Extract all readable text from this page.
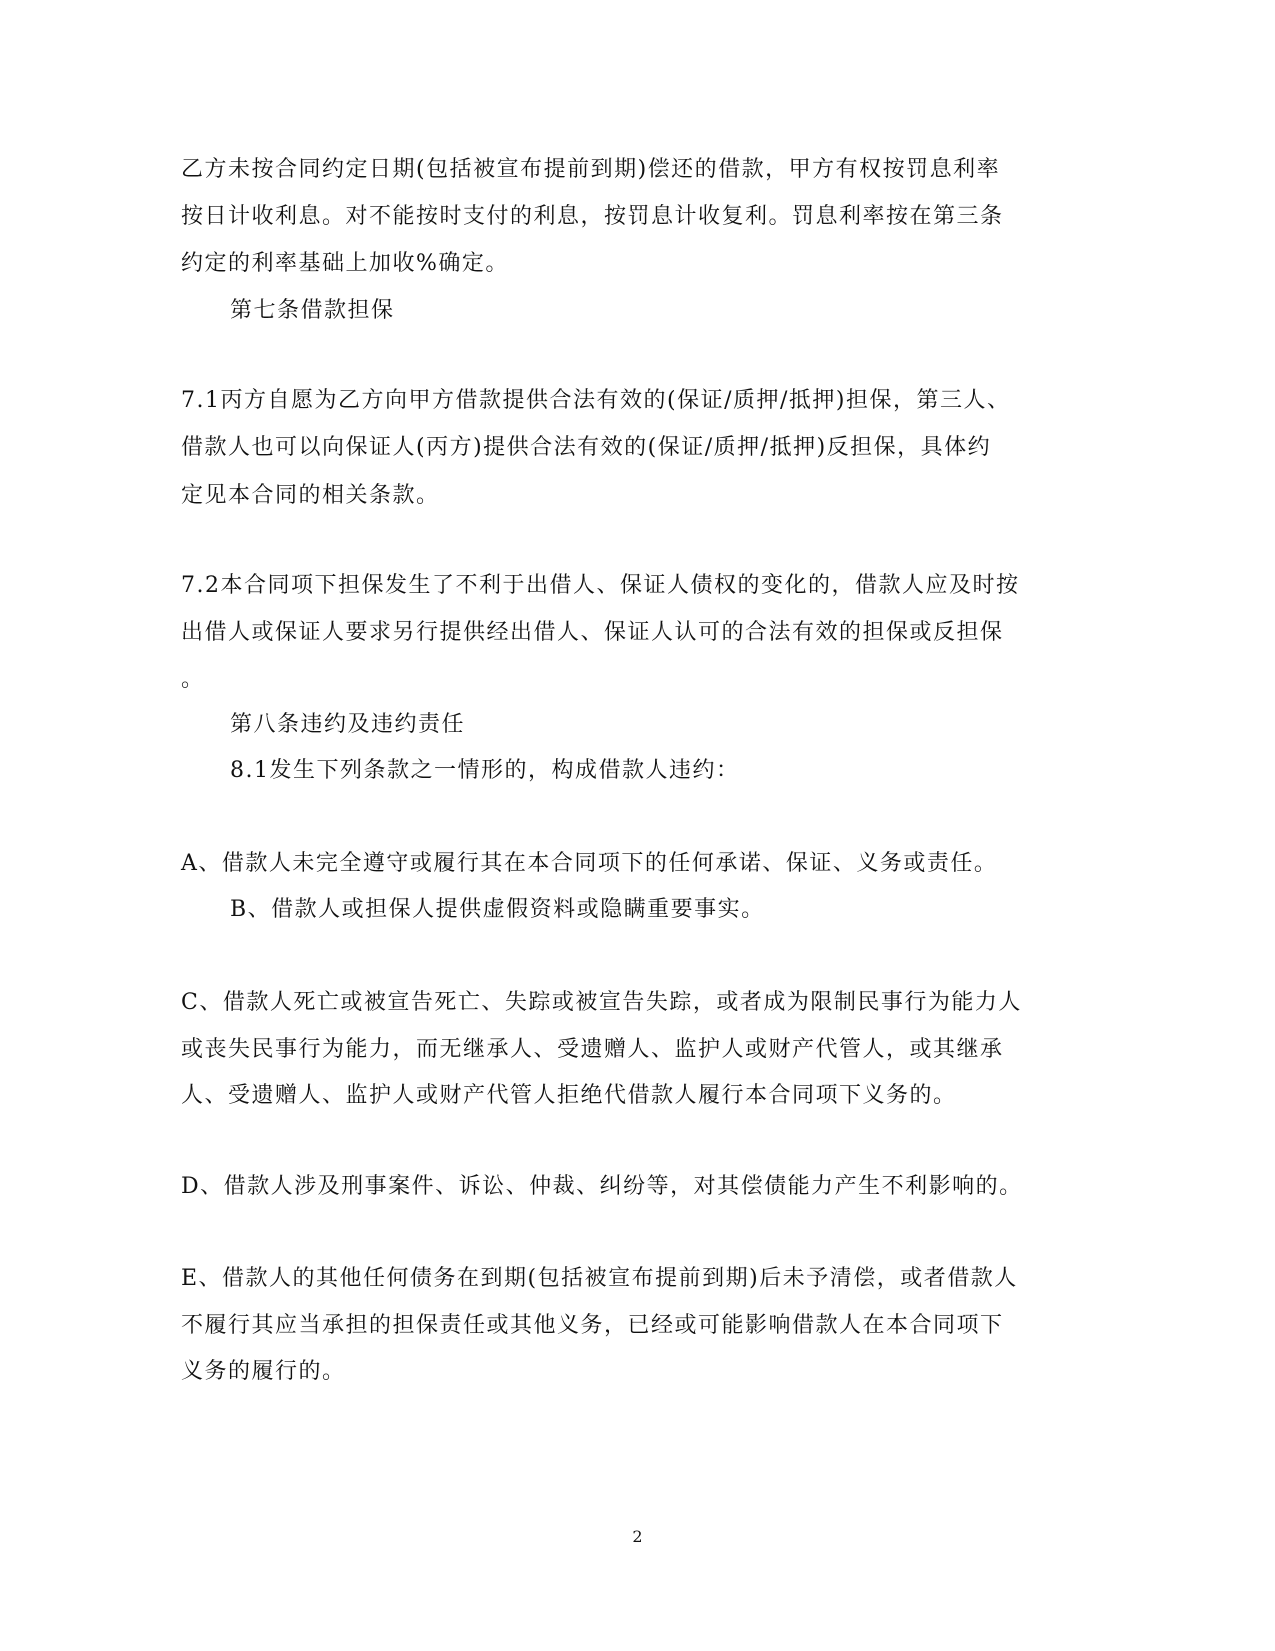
乙方未按合同约定日期(包括被宣布提前到期)偿还的借款，甲方有权按罚息利率
按日计收利息。对不能按时支付的利息，按罚息计收复利。罚息利率按在第三条
约定的利率基础上加收%确定。
第七条借款担保
7.1丙方自愿为乙方向甲方借款提供合法有效的(保证/质押/抵押)担保，第三人、
借款人也可以向保证人(丙方)提供合法有效的(保证/质押/抵押)反担保，具体约
定见本合同的相关条款。
7.2本合同项下担保发生了不利于出借人、保证人债权的变化的，借款人应及时按
出借人或保证人要求另行提供经出借人、保证人认可的合法有效的担保或反担保
。
第八条违约及违约责任
8.1发生下列条款之一情形的，构成借款人违约：
A、借款人未完全遵守或履行其在本合同项下的任何承诺、保证、义务或责任。
B、借款人或担保人提供虚假资料或隐瞒重要事实。
C、借款人死亡或被宣告死亡、失踪或被宣告失踪，或者成为限制民事行为能力人
或丧失民事行为能力，而无继承人、受遗赠人、监护人或财产代管人，或其继承
人、受遗赠人、监护人或财产代管人拒绝代借款人履行本合同项下义务的。
D、借款人涉及刑事案件、诉讼、仲裁、纠纷等，对其偿债能力产生不利影响的。
E、借款人的其他任何债务在到期(包括被宣布提前到期)后未予清偿，或者借款人
不履行其应当承担的担保责任或其他义务，已经或可能影响借款人在本合同项下
义务的履行的。
2
